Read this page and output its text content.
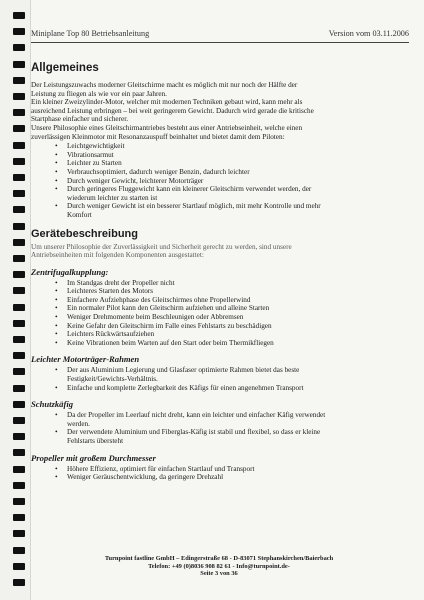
Miniplane Top 80 Betriebsanleitung	Version vom 03.11.2006
Allgemeines

Der Leistungszuwachs moderner Gleitschirme macht es möglich mit nur noch der Hälfte der

Leistung zu fliegen als wie vor ein paar Jahren.

Ein kleiner Zweizylinder-Motor, welcher mit modernen Techniken gebaut wird, kann mehr als

ausreichend Leistung erbringen – bei weit geringerem Gewicht. Dadurch wird gerade die kritische

Startphase einfacher und sicherer.

Unsere Philosophie eines Gleitschirmantriebes besteht aus einer Antriebseinheit, welche einen

zuverlässigen Kleinmotor mit Resonanzauspuff beinhaltet und bietet damit dem Piloten:

• Leichtgewichtigkeit
• Vibrationsarmut
• Leichter zu Starten
• Verbrauchsoptimiert, dadurch weniger Benzin, dadurch leichter
• Durch weniger Gewicht, leichterer Motorträger
• Durch geringeres Fluggewicht kann ein kleinerer Gleitschirm verwendet werden, der
wiederum leichter zu starten ist
• Durch weniger Gewicht ist ein besserer Startlauf möglich, mit mehr Kontrolle und mehr
Komfort
Gerätebeschreibung

Um unserer Philosophie der Zuverlässigkeit und Sicherheit gerecht zu werden, sind unsere

Antriebseinheiten mit folgenden Komponenten ausgestattet:

Zentrifugalkupplung:
• Im Standgas dreht der Propeller nicht
• Leichteres Starten des Motors
• Einfachere Aufziehphase des Gleitschirmes ohne Propellerwind
• Ein normaler Pilot kann den Gleitschirm aufziehen und alleine Starten
• Weniger Drehmomente beim Beschleunigen oder Abbremsen
• Keine Gefahr den Gleitschirm im Falle eines Fehlstarts zu beschädigen
• Leichters Rückwärtsaufziehen
• Keine Vibrationen beim Warten auf den Start oder beim Thermikfliegen
Leichter Motorträger-Rahmen
• Der aus Aluminium Legierung und Glasfaser optimierte Rahmen bietet das beste
Festigkeit/Gewichts-Verhältnis.
• Einfache und komplette Zerlegbarkeit des Käfigs für einen angenehmen Transport
Schutzkäfig
• Da der Propeller im Leerlauf nicht dreht, kann ein leichter und einfacher Käfig verwendet
werden.
• Der verwendete Aluminium und Fiberglas-Käfig ist stabil und flexibel, so dass er kleine
Fehlstarts übersteht
Propeller mit großem Durchmesser
• Höhere Effizienz, optimiert für einfachen Startlauf und Transport
• Weniger Geräuschentwicklung, da geringere Drehzahl
Turnpoint fastline GmbH – Edingerstraße 68 - D-83071 Stephanskirchen/Baierbach
Telefon: +49 (0)8036 908 82 61 - Info@turnpoint.de-
Seite 3 von 36
